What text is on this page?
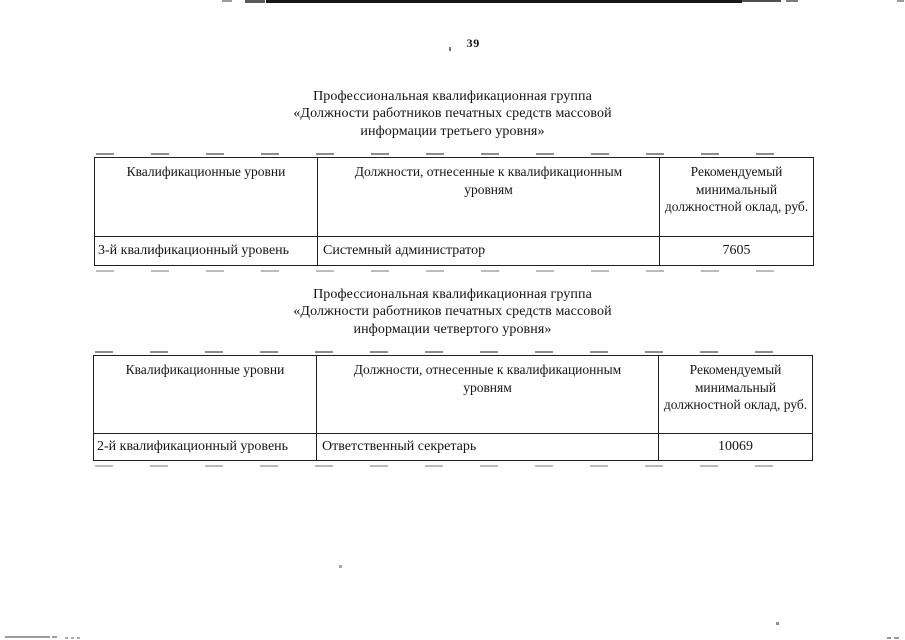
39
Профессиональная квалификационная группа
«Должности работников печатных средств массовой
информации третьего уровня»
Квалификационные уровни	Должности, отнесенные к квалификационным уровням	Рекомендуемый минимальный должностной оклад, руб.
3-й квалификационный уровень	Системный администратор	7605
Профессиональная квалификационная группа
«Должности работников печатных средств массовой
информации четвертого уровня»
Квалификационные уровни	Должности, отнесенные к квалификационным уровням	Рекомендуемый минимальный должностной оклад, руб.
2-й квалификационный уровень	Ответственный секретарь	10069
